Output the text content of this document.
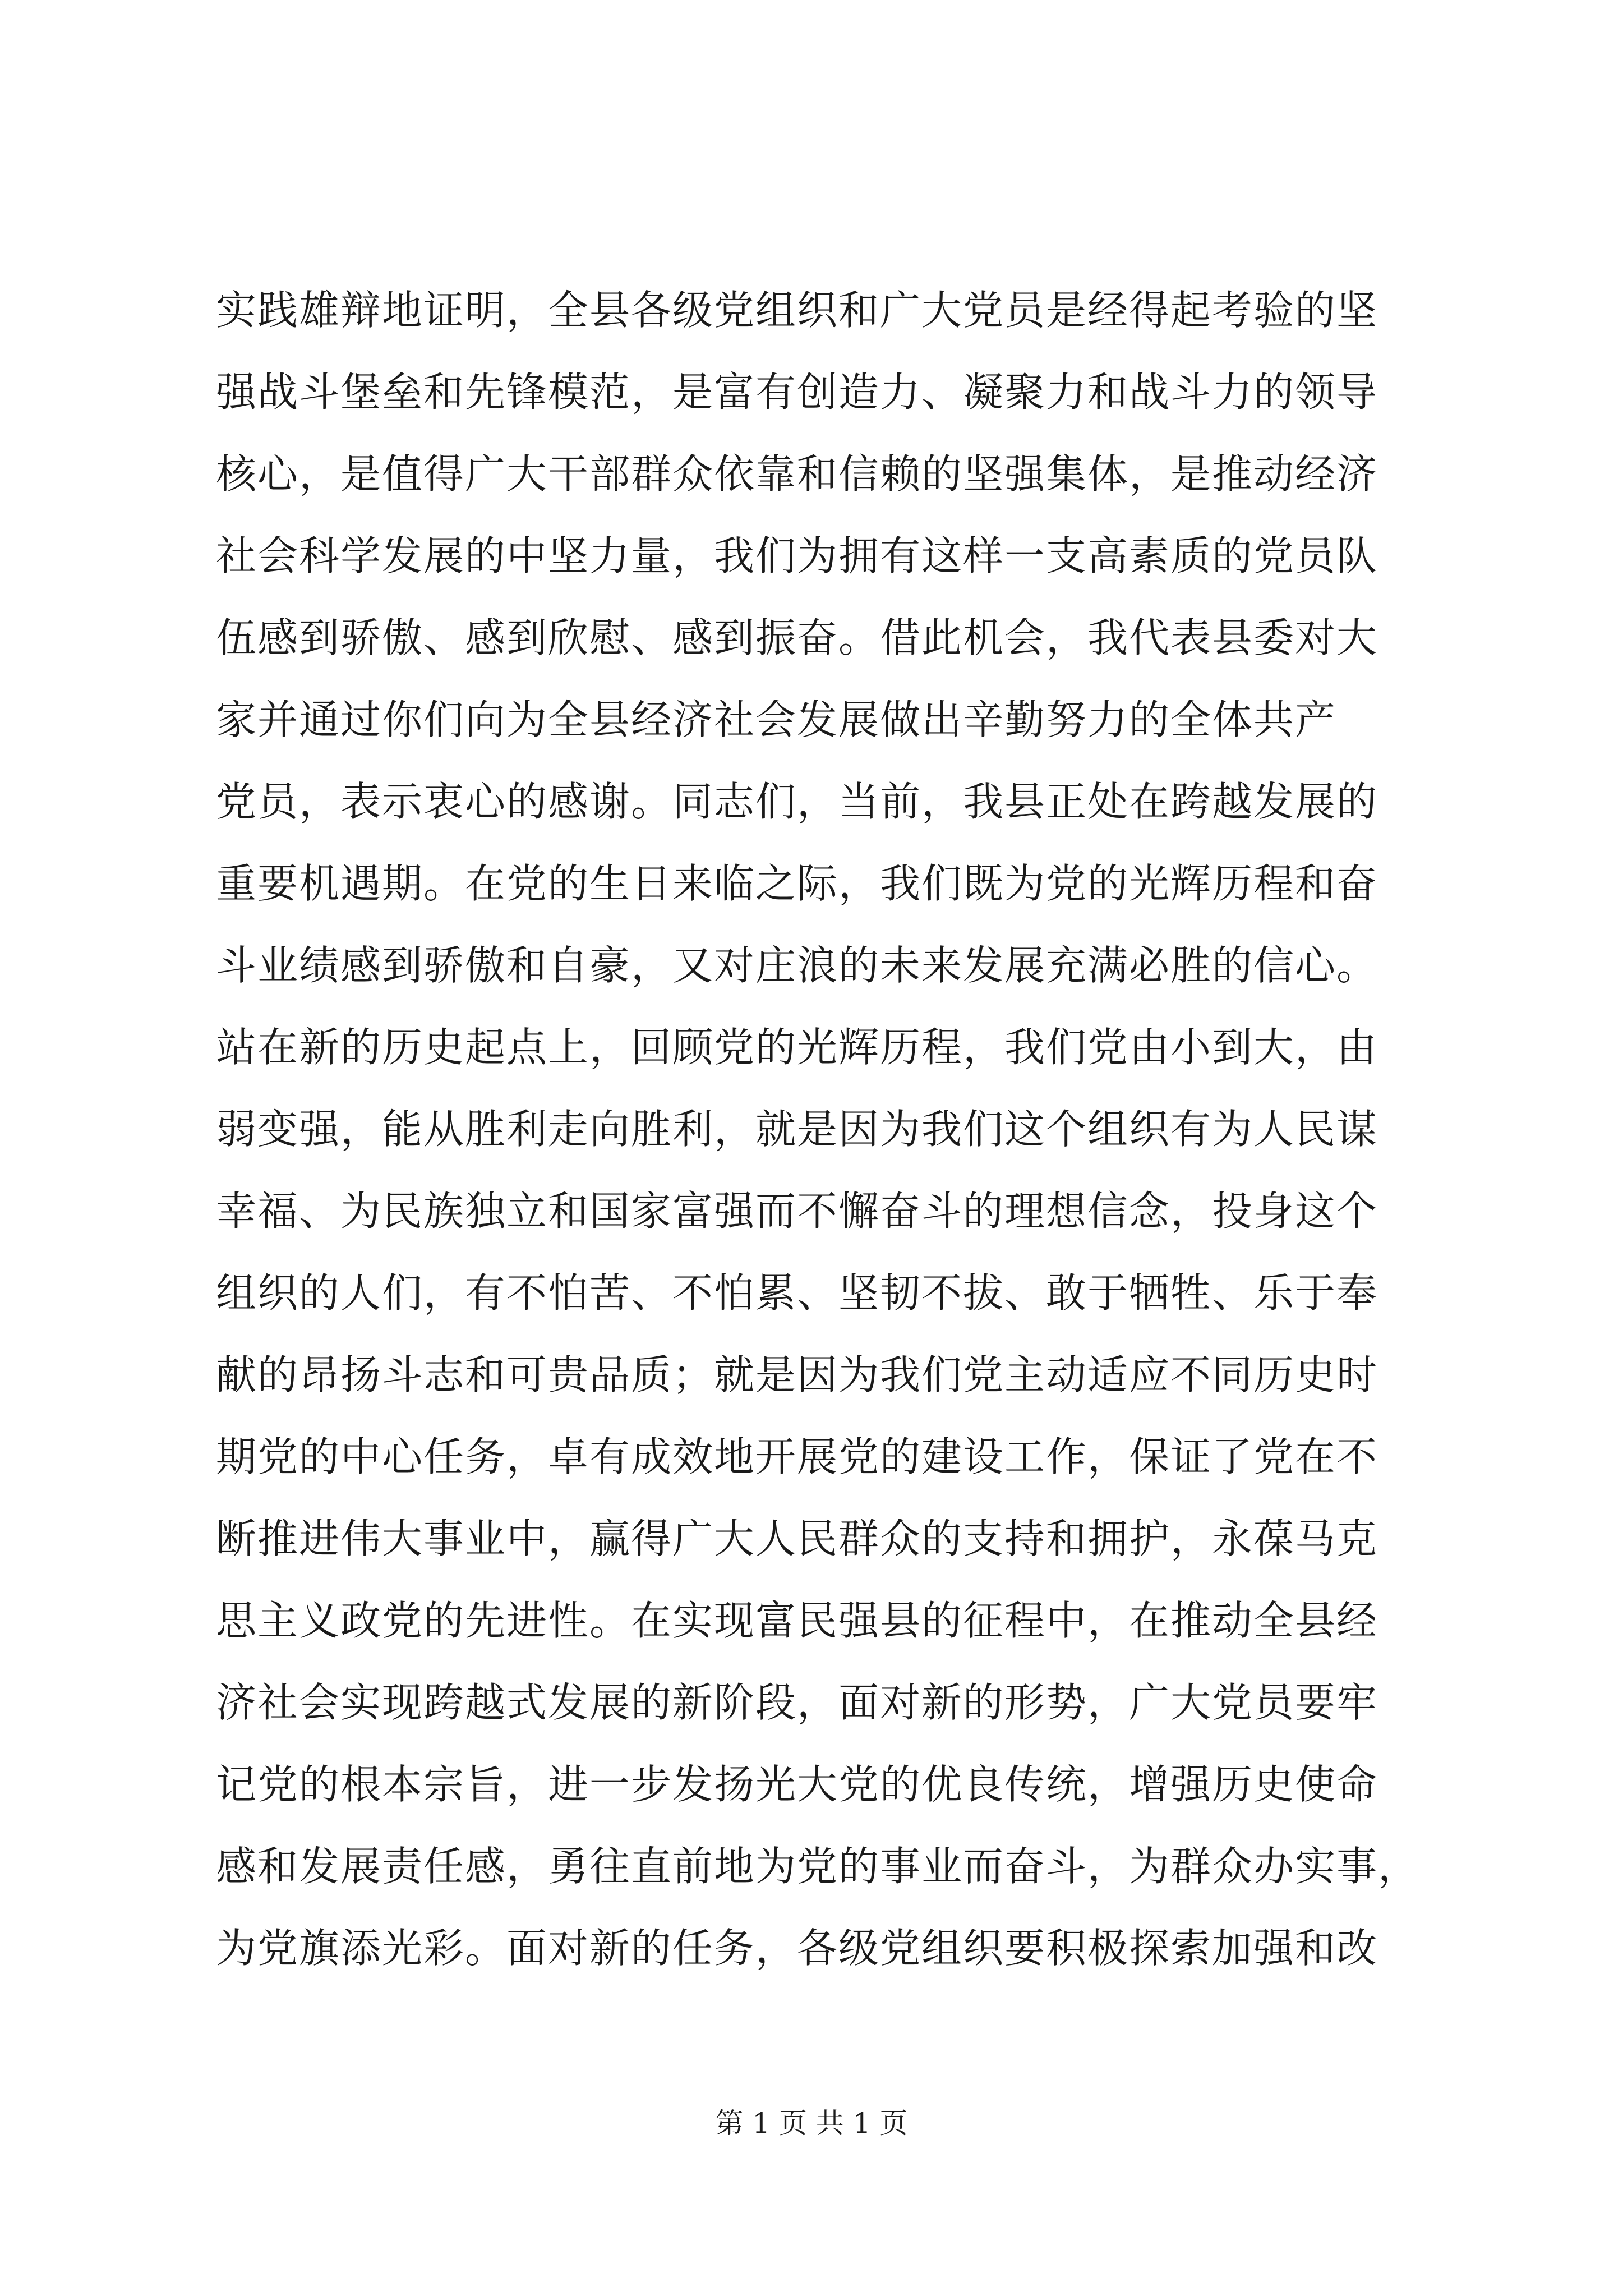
实践雄辩地证明，全县各级党组织和广大党员是经得起考验的坚
强战斗堡垒和先锋模范，是富有创造力、凝聚力和战斗力的领导
核心，是值得广大干部群众依靠和信赖的坚强集体，是推动经济
社会科学发展的中坚力量，我们为拥有这样一支高素质的党员队
伍感到骄傲、感到欣慰、感到振奋。借此机会，我代表县委对大
家并通过你们向为全县经济社会发展做出辛勤努力的全体共产
党员，表示衷心的感谢。同志们，当前，我县正处在跨越发展的
重要机遇期。在党的生日来临之际，我们既为党的光辉历程和奋
斗业绩感到骄傲和自豪，又对庄浪的未来发展充满必胜的信心。
站在新的历史起点上，回顾党的光辉历程，我们党由小到大，由
弱变强，能从胜利走向胜利，就是因为我们这个组织有为人民谋
幸福、为民族独立和国家富强而不懈奋斗的理想信念，投身这个
组织的人们，有不怕苦、不怕累、坚韧不拔、敢于牺牲、乐于奉
献的昂扬斗志和可贵品质；就是因为我们党主动适应不同历史时
期党的中心任务，卓有成效地开展党的建设工作，保证了党在不
断推进伟大事业中，赢得广大人民群众的支持和拥护，永葆马克
思主义政党的先进性。在实现富民强县的征程中，在推动全县经
济社会实现跨越式发展的新阶段，面对新的形势，广大党员要牢
记党的根本宗旨，进一步发扬光大党的优良传统，增强历史使命
感和发展责任感，勇往直前地为党的事业而奋斗，为群众办实事，
为党旗添光彩。面对新的任务，各级党组织要积极探索加强和改
第 1 页 共 1 页
